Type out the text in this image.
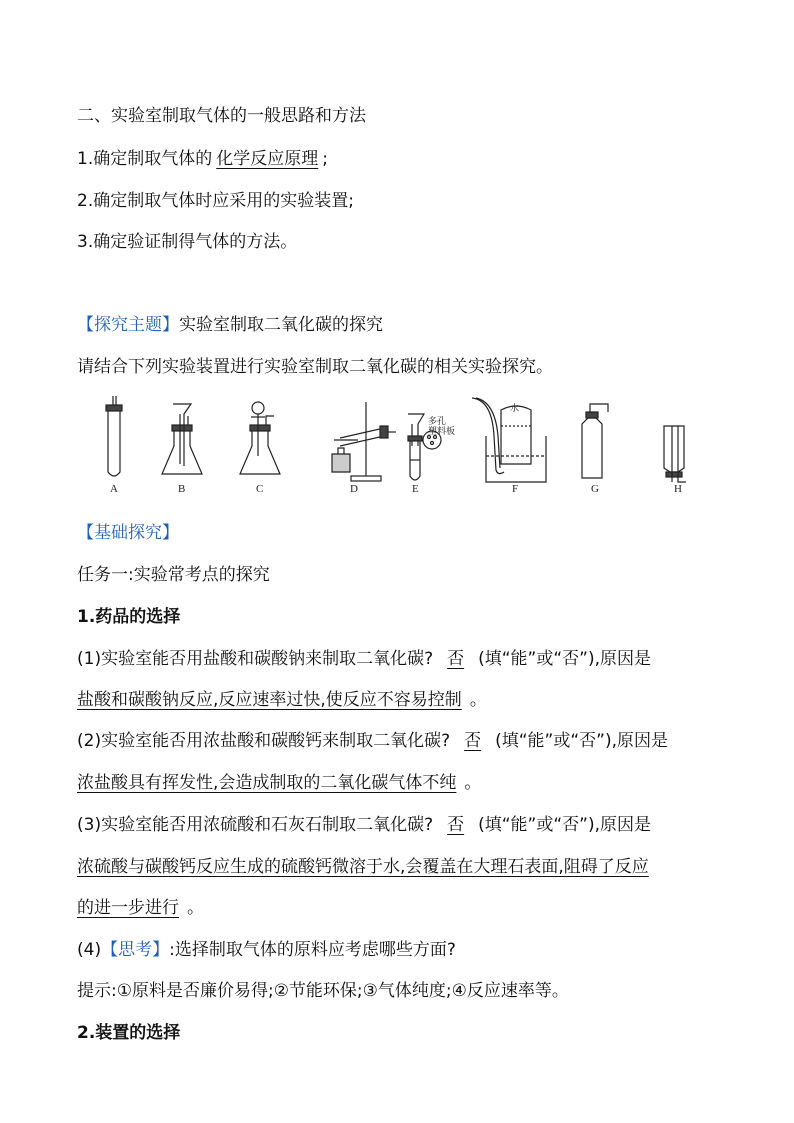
二、实验室制取气体的一般思路和方法
1.确定制取气体的 化学反应原理 ;
2.确定制取气体时应采用的实验装置;
3.确定验证制得气体的方法。
【探究主题】实验室制取二氧化碳的探究
请结合下列实验装置进行实验室制取二氧化碳的相关实验探究。
A	B	C	D	E	F	G	H
水
多孔
塑料板
【基础探究】
任务一:实验常考点的探究
1.药品的选择
(1)实验室能否用盐酸和碳酸钠来制取二氧化碳? 否 (填“能”或“否”),原因是
盐酸和碳酸钠反应,反应速率过快,使反应不容易控制 。
(2)实验室能否用浓盐酸和碳酸钙来制取二氧化碳? 否 (填“能”或“否”),原因是
浓盐酸具有挥发性,会造成制取的二氧化碳气体不纯 。
(3)实验室能否用浓硫酸和石灰石制取二氧化碳? 否 (填“能”或“否”),原因是
浓硫酸与碳酸钙反应生成的硫酸钙微溶于水,会覆盖在大理石表面,阻碍了反应
的进一步进行 。
(4)【思考】:选择制取气体的原料应考虑哪些方面?
提示:①原料是否廉价易得;②节能环保;③气体纯度;④反应速率等。
2.装置的选择
